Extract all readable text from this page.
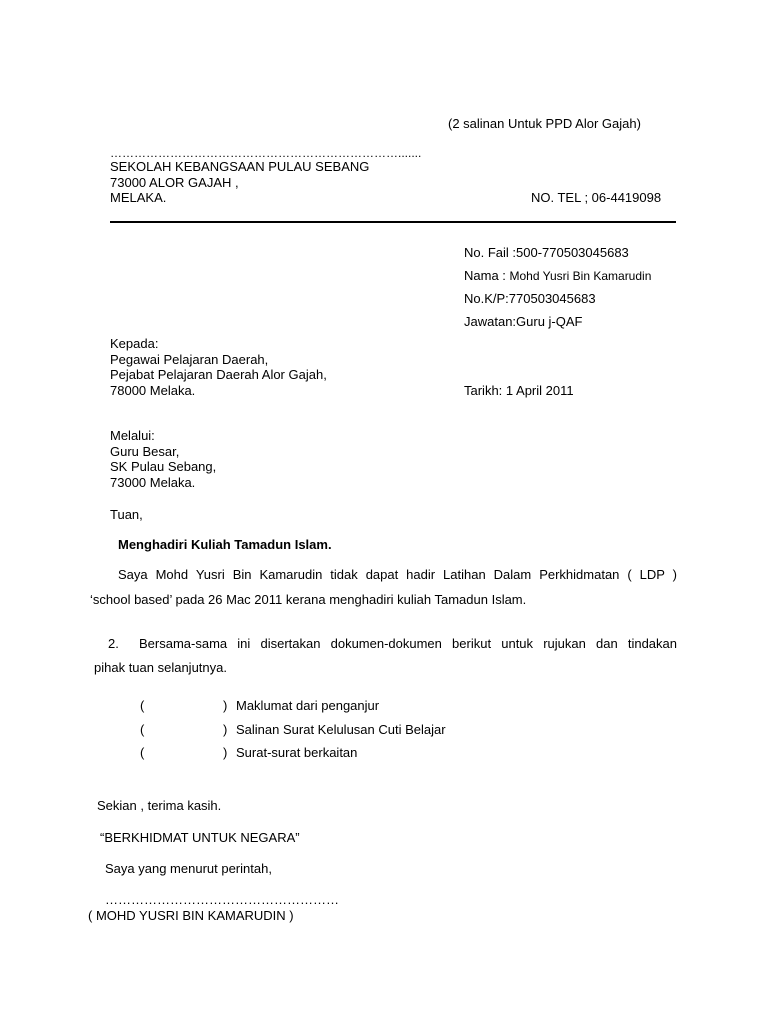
(2 salinan Untuk PPD Alor Gajah)
……………………………………………………………….......
SEKOLAH KEBANGSAAN PULAU SEBANG
73000 ALOR GAJAH ,
MELAKA.	NO. TEL ; 06-4419098
No. Fail :500-770503045683
Nama : Mohd Yusri Bin Kamarudin
No.K/P:770503045683
Jawatan:Guru j-QAF
Kepada:
Pegawai Pelajaran Daerah,
Pejabat Pelajaran Daerah Alor Gajah,
78000 Melaka.	Tarikh: 1 April 2011
Melalui:
Guru Besar,
SK Pulau Sebang,
73000 Melaka.
Tuan,
Menghadiri Kuliah Tamadun Islam.
Saya Mohd Yusri Bin Kamarudin tidak dapat hadir Latihan Dalam Perkhidmatan ( LDP )
‘school based’ pada 26 Mac 2011 kerana menghadiri kuliah Tamadun Islam.
2. Bersama-sama ini disertakan dokumen-dokumen berikut untuk rujukan dan tindakan
pihak tuan selanjutnya.
(	) Maklumat dari penganjur
(	) Salinan Surat Kelulusan Cuti Belajar
(	) Surat-surat berkaitan
Sekian , terima kasih.
“BERKHIDMAT UNTUK NEGARA”
Saya yang menurut perintah,
………………………………………………
( MOHD YUSRI BIN KAMARUDIN )
